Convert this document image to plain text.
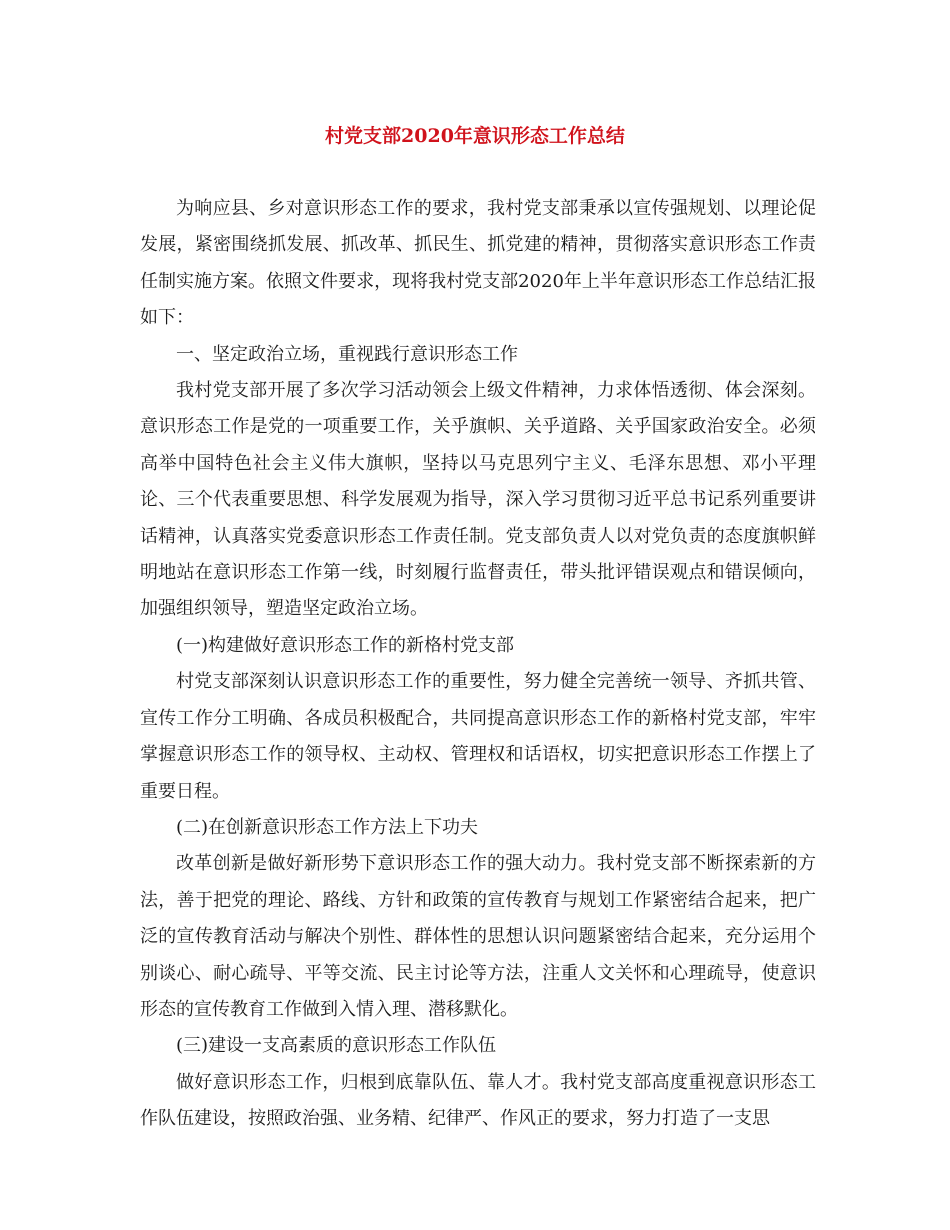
村党支部2020年意识形态工作总结

为响应县、乡对意识形态工作的要求，我村党支部秉承以宣传强规划、以理论促发展，紧密围绕抓发展、抓改革、抓民生、抓党建的精神，贯彻落实意识形态工作责任制实施方案。依照文件要求，现将我村党支部2020年上半年意识形态工作总结汇报如下：

一、坚定政治立场，重视践行意识形态工作

我村党支部开展了多次学习活动领会上级文件精神，力求体悟透彻、体会深刻。意识形态工作是党的一项重要工作，关乎旗帜、关乎道路、关乎国家政治安全。必须高举中国特色社会主义伟大旗帜，坚持以马克思列宁主义、毛泽东思想、邓小平理论、三个代表重要思想、科学发展观为指导，深入学习贯彻习近平总书记系列重要讲话精神，认真落实党委意识形态工作责任制。党支部负责人以对党负责的态度旗帜鲜明地站在意识形态工作第一线，时刻履行监督责任，带头批评错误观点和错误倾向，加强组织领导，塑造坚定政治立场。

(一)构建做好意识形态工作的新格村党支部

村党支部深刻认识意识形态工作的重要性，努力健全完善统一领导、齐抓共管、宣传工作分工明确、各成员积极配合，共同提高意识形态工作的新格村党支部，牢牢掌握意识形态工作的领导权、主动权、管理权和话语权，切实把意识形态工作摆上了重要日程。

(二)在创新意识形态工作方法上下功夫

改革创新是做好新形势下意识形态工作的强大动力。我村党支部不断探索新的方法，善于把党的理论、路线、方针和政策的宣传教育与规划工作紧密结合起来，把广泛的宣传教育活动与解决个别性、群体性的思想认识问题紧密结合起来，充分运用个别谈心、耐心疏导、平等交流、民主讨论等方法，注重人文关怀和心理疏导，使意识形态的宣传教育工作做到入情入理、潜移默化。

(三)建设一支高素质的意识形态工作队伍

做好意识形态工作，归根到底靠队伍、靠人才。我村党支部高度重视意识形态工作队伍建设，按照政治强、业务精、纪律严、作风正的要求，努力打造了一支思
